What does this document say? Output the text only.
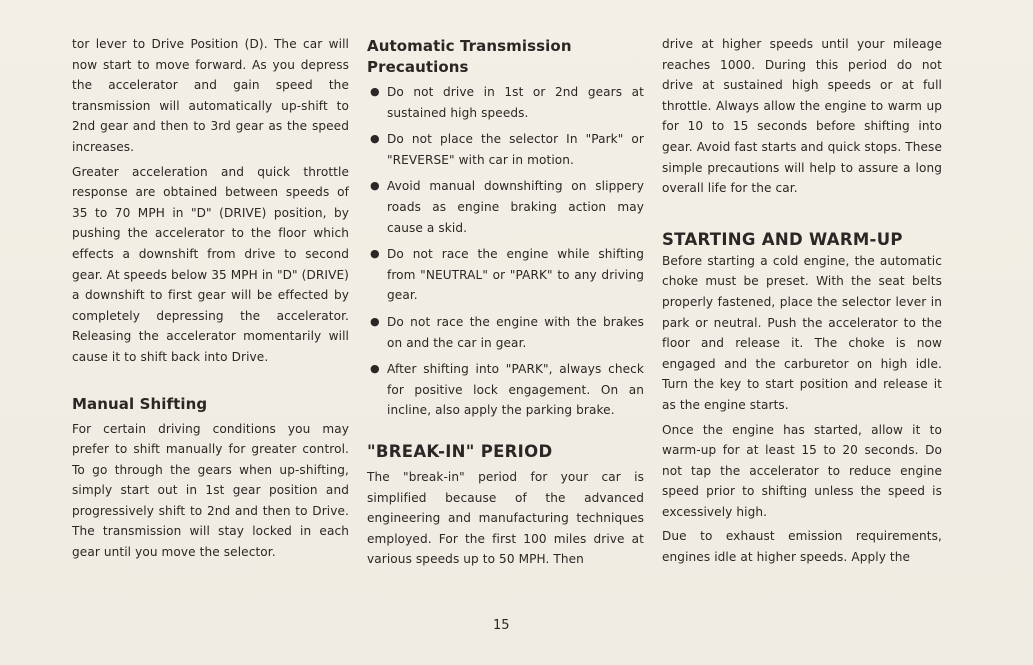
tor lever to Drive Position (D). The car will now start to move forward. As you depress the accelerator and gain speed the transmission will automatically up-shift to 2nd gear and then to 3rd gear as the speed increases.

Greater acceleration and quick throttle response are obtained between speeds of 35 to 70 MPH in "D" (DRIVE) position, by pushing the accelerator to the floor which effects a downshift from drive to second gear. At speeds below 35 MPH in "D" (DRIVE) a downshift to first gear will be effected by completely depressing the accelerator. Releasing the accelerator momentarily will cause it to shift back into Drive.

Manual Shifting

For certain driving conditions you may prefer to shift manually for greater control. To go through the gears when up-shifting, simply start out in 1st gear position and progressively shift to 2nd and then to Drive. The transmission will stay locked in each gear until you move the selector.

Automatic Transmission Precautions
● Do not drive in 1st or 2nd gears at sustained high speeds.
● Do not place the selector In "Park" or "REVERSE" with car in motion.
● Avoid manual downshifting on slippery roads as engine braking action may cause a skid.
● Do not race the engine while shifting from "NEUTRAL" or "PARK" to any driving gear.
● Do not race the engine with the brakes on and the car in gear.
● After shifting into "PARK", always check for positive lock engagement. On an incline, also apply the parking brake.
"BREAK-IN" PERIOD

The "break-in" period for your car is simplified because of the advanced engineering and manufacturing techniques employed. For the first 100 miles drive at various speeds up to 50 MPH. Then

drive at higher speeds until your mileage reaches 1000. During this period do not drive at sustained high speeds or at full throttle. Always allow the engine to warm up for 10 to 15 seconds before shifting into gear. Avoid fast starts and quick stops. These simple precautions will help to assure a long overall life for the car.

STARTING AND WARM-UP

Before starting a cold engine, the automatic choke must be preset. With the seat belts properly fastened, place the selector lever in park or neutral. Push the accelerator to the floor and release it. The choke is now engaged and the carburetor on high idle. Turn the key to start position and release it as the engine starts.

Once the engine has started, allow it to warm-up for at least 15 to 20 seconds. Do not tap the accelerator to reduce engine speed prior to shifting unless the speed is excessively high.

Due to exhaust emission requirements, engines idle at higher speeds. Apply the

15
